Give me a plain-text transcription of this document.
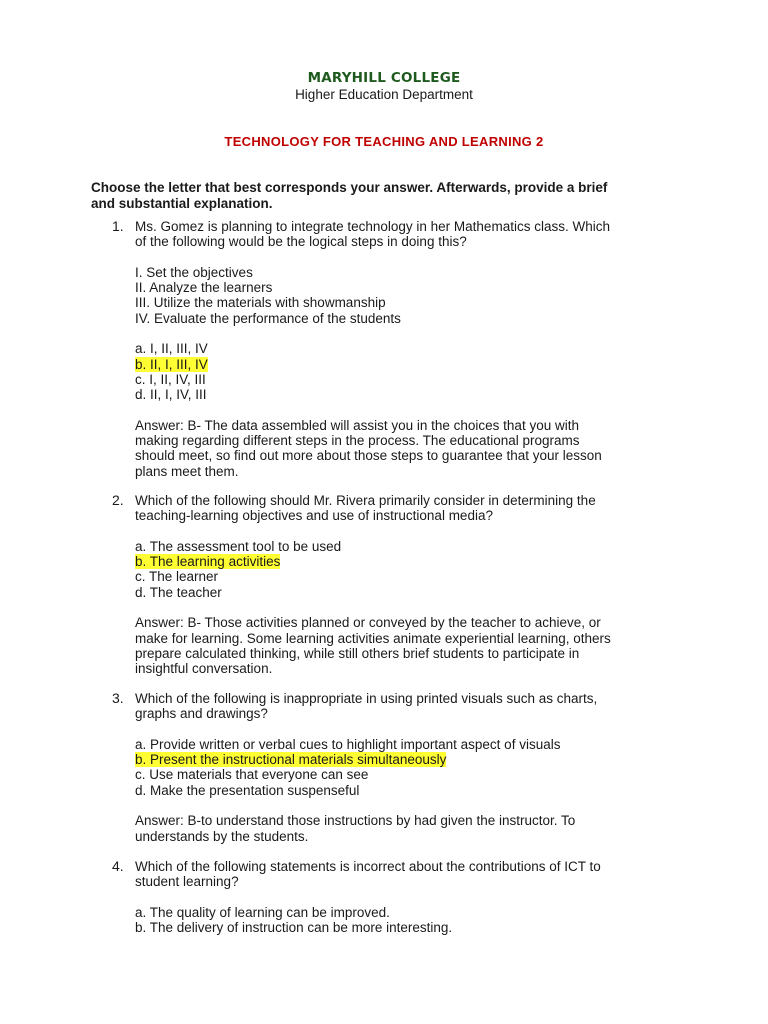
MARYHILL COLLEGE
Higher Education Department
TECHNOLOGY FOR TEACHING AND LEARNING 2
Choose the letter that best corresponds your answer. Afterwards, provide a brief
and substantial explanation.
1. Ms. Gomez is planning to integrate technology in her Mathematics class. Which
of the following would be the logical steps in doing this?
I. Set the objectives
II. Analyze the learners
III. Utilize the materials with showmanship
IV. Evaluate the performance of the students
a. I, II, III, IV
b. II, I, III, IV
c. I, II, IV, III
d. II, I, IV, III
Answer: B- The data assembled will assist you in the choices that you with
making regarding different steps in the process. The educational programs
should meet, so find out more about those steps to guarantee that your lesson
plans meet them.
2. Which of the following should Mr. Rivera primarily consider in determining the
teaching-learning objectives and use of instructional media?
a. The assessment tool to be used
b. The learning activities
c. The learner
d. The teacher
Answer: B- Those activities planned or conveyed by the teacher to achieve, or
make for learning. Some learning activities animate experiential learning, others
prepare calculated thinking, while still others brief students to participate in
insightful conversation.
3. Which of the following is inappropriate in using printed visuals such as charts,
graphs and drawings?
a. Provide written or verbal cues to highlight important aspect of visuals
b. Present the instructional materials simultaneously
c. Use materials that everyone can see
d. Make the presentation suspenseful
Answer: B-to understand those instructions by had given the instructor. To
understands by the students.
4. Which of the following statements is incorrect about the contributions of ICT to
student learning?
a. The quality of learning can be improved.
b. The delivery of instruction can be more interesting.
